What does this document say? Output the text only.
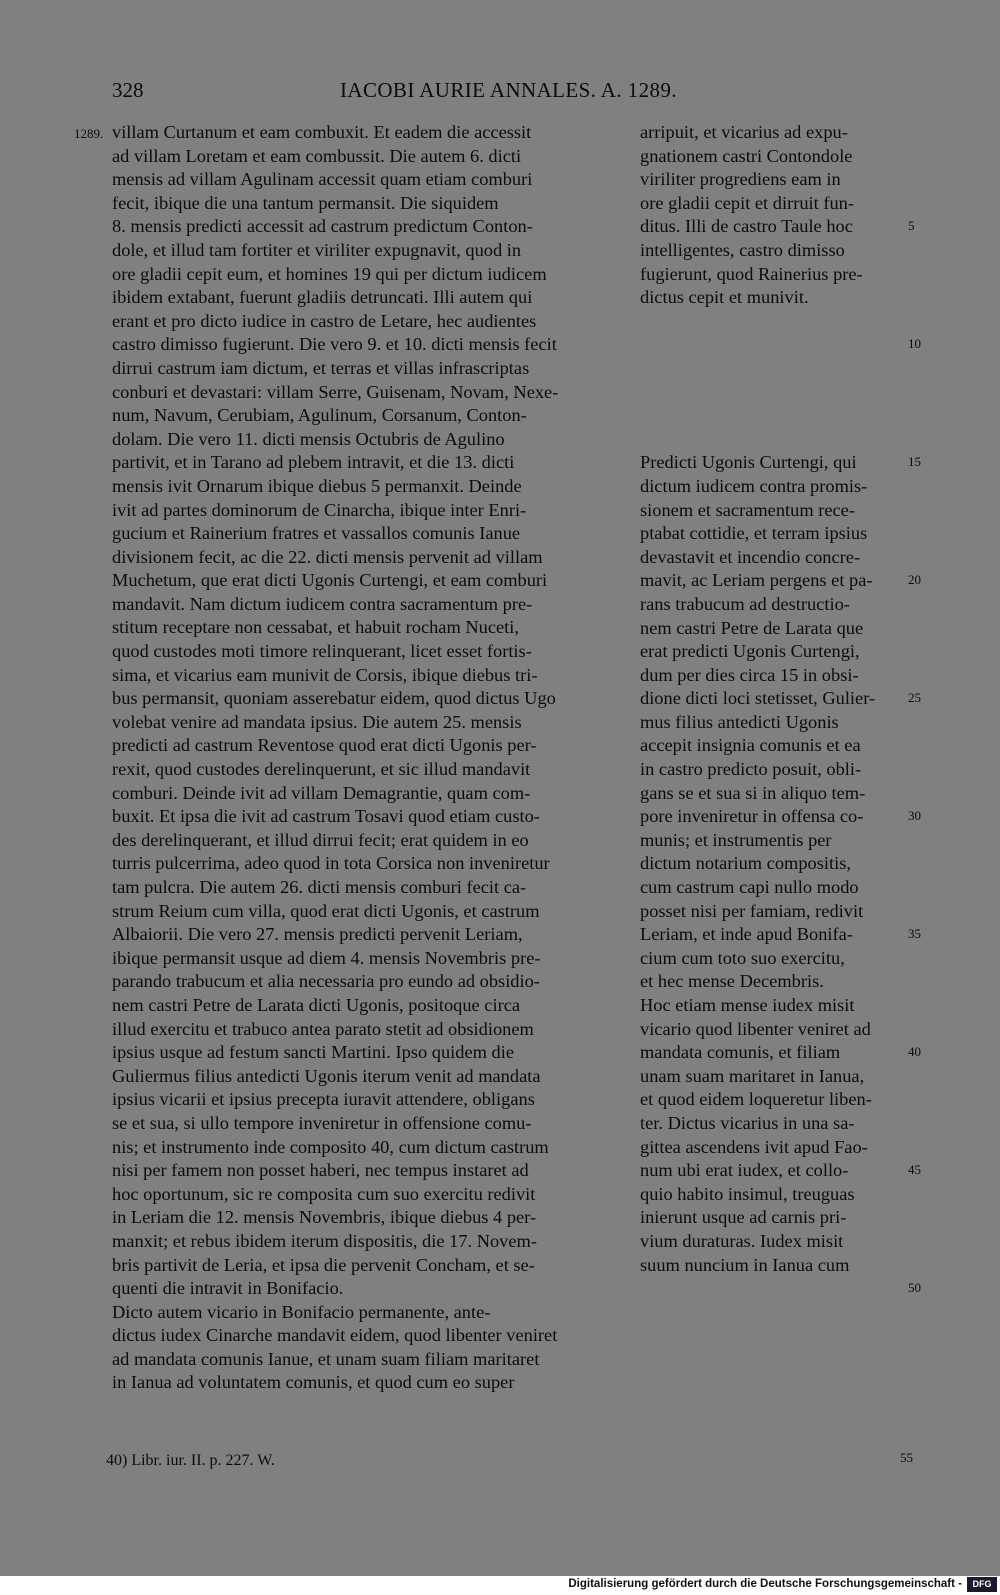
328	IACOBI AURIE ANNALES. A. 1289.
1289. villam Curtanum et eam combuxit. Et eadem die accessit
ad villam Loretam et eam combussit. Die autem 6. dicti
mensis ad villam Agulinam accessit quam etiam comburi
fecit, ibique die una tantum permansit. Die siquidem
8. mensis predicti accessit ad castrum predictum Conton-
dole, et illud tam fortiter et viriliter expugnavit, quod in
ore gladii cepit eum, et homines 19 qui per dictum iudicem
ibidem extabant, fuerunt gladiis detruncati. Illi autem qui
erant et pro dicto iudice in castro de Letare, hec audientes
castro dimisso fugierunt. Die vero 9. et 10. dicti mensis fecit
dirrui castrum iam dictum, et terras et villas infrascriptas
conburi et devastari: villam Serre, Guisenam, Novam, Nexe-
num, Navum, Cerubiam, Agulinum, Corsanum, Conton-
dolam. Die vero 11. dicti mensis Octubris de Agulino
partivit, et in Tarano ad plebem intravit, et die 13. dicti
mensis ivit Ornarum ibique diebus 5 permanxit. Deinde
ivit ad partes dominorum de Cinarcha, ibique inter Enri-
gucium et Rainerium fratres et vassallos comunis Ianue
divisionem fecit, ac die 22. dicti mensis pervenit ad villam
Muchetum, que erat dicti Ugonis Curtengi, et eam comburi
mandavit. Nam dictum iudicem contra sacramentum pre-
stitum receptare non cessabat, et habuit rocham Nuceti,
quod custodes moti timore relinquerant, licet esset fortis-
sima, et vicarius eam munivit de Corsis, ibique diebus tri-
bus permansit, quoniam asserebatur eidem, quod dictus Ugo
volebat venire ad mandata ipsius. Die autem 25. mensis
predicti ad castrum Reventose quod erat dicti Ugonis per-
rexit, quod custodes derelinquerunt, et sic illud mandavit
comburi. Deinde ivit ad villam Demagrantie, quam com-
buxit. Et ipsa die ivit ad castrum Tosavi quod etiam custo-
des derelinquerant, et illud dirrui fecit; erat quidem in eo
turris pulcerrima, adeo quod in tota Corsica non inveniretur
tam pulcra. Die autem 26. dicti mensis comburi fecit ca-
strum Reium cum villa, quod erat dicti Ugonis, et castrum
Albaiorii. Die vero 27. mensis predicti pervenit Leriam,
ibique permansit usque ad diem 4. mensis Novembris pre-
parando trabucum et alia necessaria pro eundo ad obsidio-
nem castri Petre de Larata dicti Ugonis, positoque circa
illud exercitu et trabuco antea parato stetit ad obsidionem
ipsius usque ad festum sancti Martini. Ipso quidem die
Guliermus filius antedicti Ugonis iterum venit ad mandata
ipsius vicarii et ipsius precepta iuravit attendere, obligans
se et sua, si ullo tempore inveniretur in offensione comu-
nis; et instrumento inde composito 40, cum dictum castrum
nisi per famem non posset haberi, nec tempus instaret ad
hoc oportunum, sic re composita cum suo exercitu redivit
in Leriam die 12. mensis Novembris, ibique diebus 4 per-
manxit; et rebus ibidem iterum dispositis, die 17. Novem-
bris partivit de Leria, et ipsa die pervenit Concham, et se-
quenti die intravit in Bonifacio.
Dicto autem vicario in Bonifacio permanente, ante-
dictus iudex Cinarche mandavit eidem, quod libenter veniret
ad mandata comunis Ianue, et unam suam filiam maritaret
in Ianua ad voluntatem comunis, et quod cum eo super
arripuit, et vicarius ad expu-
gnationem castri Contondole
viriliter progrediens eam in
ore gladii cepit et dirruit fun-
ditus. Illi de castro Taule hoc
intelligentes, castro dimisso
fugierunt, quod Rainerius pre-
dictus cepit et munivit.
Predicti Ugonis Curtengi, qui
dictum iudicem contra promis-
sionem et sacramentum rece-
ptabat cottidie, et terram ipsius
devastavit et incendio concre-
mavit, ac Leriam pergens et pa-
rans trabucum ad destructio-
nem castri Petre de Larata que
erat predicti Ugonis Curtengi,
dum per dies circa 15 in obsi-
dione dicti loci stetisset, Gulier-
mus filius antedicti Ugonis
accepit insignia comunis et ea
in castro predicto posuit, obli-
gans se et sua si in aliquo tem-
pore inveniretur in offensa co-
munis; et instrumentis per
dictum notarium compositis,
cum castrum capi nullo modo
posset nisi per famiam, redivit
Leriam, et inde apud Bonifa-
cium cum toto suo exercitu,
et hec mense Decembris.
Hoc etiam mense iudex misit
vicario quod libenter veniret ad
mandata comunis, et filiam
unam suam maritaret in Ianua,
et quod eidem loqueretur liben-
ter. Dictus vicarius in una sa-
gittea ascendens ivit apud Fao-
num ubi erat iudex, et collo-
quio habito insimul, treuguas
inierunt usque ad carnis pri-
vium duraturas. Iudex misit
suum nuncium in Ianua cum
5
10
15
20
25
30
35
40
45
50
55
40) Libr. iur. II. p. 227. W.
Digitalisierung gefördert durch die Deutsche Forschungsgemeinschaft -	DFG
